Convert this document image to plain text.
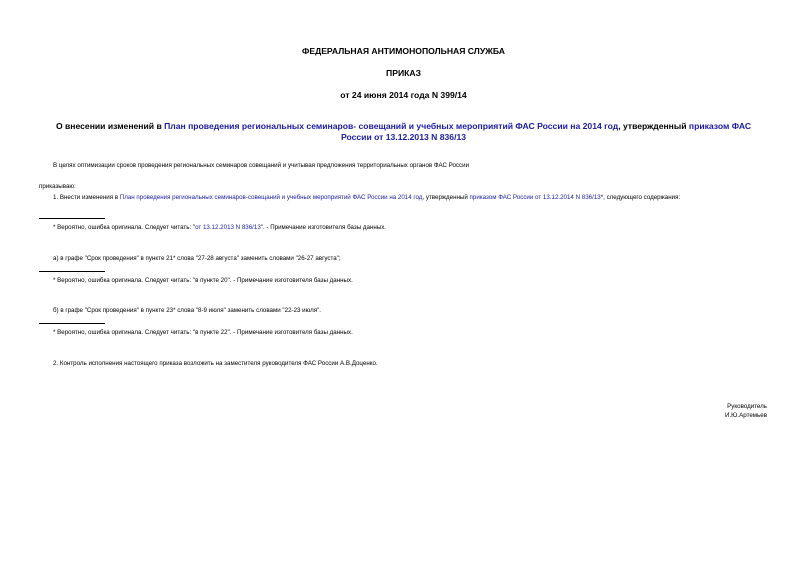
ФЕДЕРАЛЬНАЯ АНТИМОНОПОЛЬНАЯ СЛУЖБА
ПРИКАЗ
от 24 июня 2014 года N 399/14
О внесении изменений в План проведения региональных семинаров- совещаний и учебных мероприятий ФАС России на 2014 год, утвержденный приказом ФАС России от 13.12.2013 N 836/13
В целях оптимизации сроков проведения региональных семинаров совещаний и учитывая предложения территориальных органов ФАС России
приказываю:
1. Внести изменения в План проведения региональных семинаров-совещаний и учебных мероприятий ФАС России на 2014 год, утвержденный приказом ФАС России от 13.12.2014 N 836/13*, следующего содержания:
* Вероятно, ошибка оригинала. Следует читать: "от 13.12.2013 N 836/13". - Примечание изготовителя базы данных.
а) в графе "Срок проведения" в пункте 21* слова "27-28 августа" заменить словами "26-27 августа";
* Вероятно, ошибка оригинала. Следует читать: "в пункте 20". - Примечание изготовителя базы данных.
б) в графе "Срок проведения" в пункте 23* слова "8-9 июля" заменить словами "22-23 июля".
* Вероятно, ошибка оригинала. Следует читать: "в пункте 22". - Примечание изготовителя базы данных.
2. Контроль исполнения настоящего приказа возложить на заместителя руководителя ФАС России А.В.Доценко.
Руководитель
И.Ю.Артемьев
